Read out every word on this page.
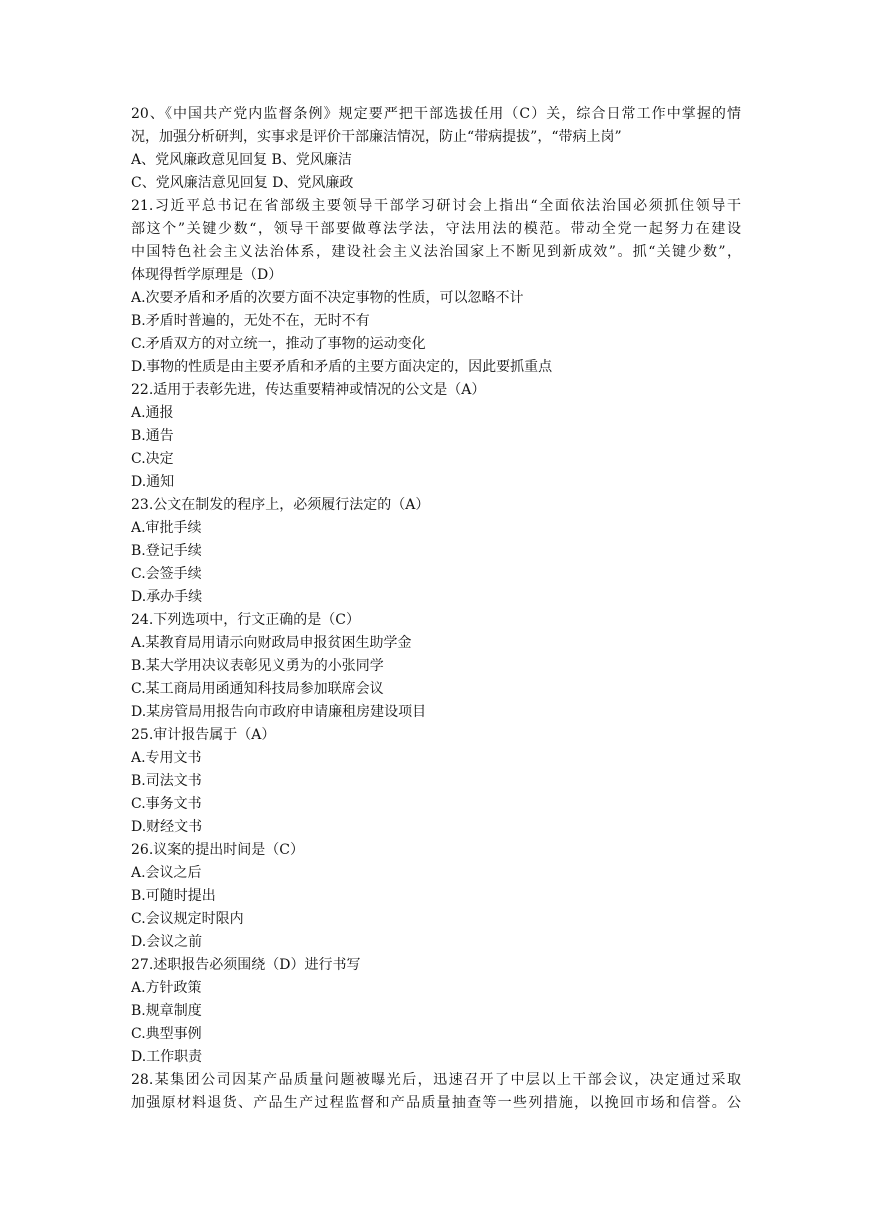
20、《中国共产党内监督条例》规定要严把干部选拔任用（C）关，综合日常工作中掌握的情
况，加强分析研判，实事求是评价干部廉洁情况，防止“带病提拔”，“带病上岗”
A、党风廉政意见回复 B、党风廉洁
C、党风廉洁意见回复 D、党风廉政
21.习近平总书记在省部级主要领导干部学习研讨会上指出“全面依法治国必须抓住领导干
部这个”关键少数“，领导干部要做尊法学法，守法用法的模范。带动全党一起努力在建设
中国特色社会主义法治体系，建设社会主义法治国家上不断见到新成效”。抓“关键少数”，
体现得哲学原理是（D）
A.次要矛盾和矛盾的次要方面不决定事物的性质，可以忽略不计
B.矛盾时普遍的，无处不在，无时不有
C.矛盾双方的对立统一，推动了事物的运动变化
D.事物的性质是由主要矛盾和矛盾的主要方面决定的，因此要抓重点
22.适用于表彰先进，传达重要精神或情况的公文是（A）
A.通报
B.通告
C.决定
D.通知
23.公文在制发的程序上，必须履行法定的（A）
A.审批手续
B.登记手续
C.会签手续
D.承办手续
24.下列选项中，行文正确的是（C）
A.某教育局用请示向财政局申报贫困生助学金
B.某大学用决议表彰见义勇为的小张同学
C.某工商局用函通知科技局参加联席会议
D.某房管局用报告向市政府申请廉租房建设项目
25.审计报告属于（A）
A.专用文书
B.司法文书
C.事务文书
D.财经文书
26.议案的提出时间是（C）
A.会议之后
B.可随时提出
C.会议规定时限内
D.会议之前
27.述职报告必须围绕（D）进行书写
A.方针政策
B.规章制度
C.典型事例
D.工作职责
28.某集团公司因某产品质量问题被曝光后，迅速召开了中层以上干部会议，决定通过采取
加强原材料退货、产品生产过程监督和产品质量抽查等一些列措施，以挽回市场和信誉。公
